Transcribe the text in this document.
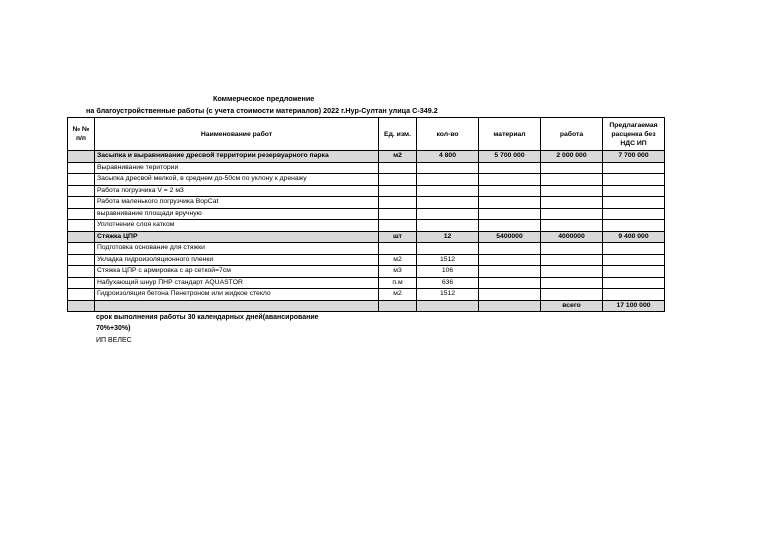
Коммерческое предложение
на благоустройственные работы (с учета стоимости материалов) 2022 г.Нур-Султан улица С-349.2
№ № п/п	Наименование работ	Ед. изм.	кол-во	материал	работа	Предлагаемая расценка без НДС ИП
	Засыпка и выравнивание дресвой территории резервуарного парка	м2	4 800	5 700 000	2 000 000	7 700 000
	Выравнивание територии					
	Засыпка дресвой мелкой, в среднем до-50см по уклону к дренажу					
	Работа погрузчика V = 2 м3					
	Работа маленького погрузчика BopCat					
	выравнивание площади вручную					
	Уплотнение слоя катком					
	Стяжка ЦПР	шт	12	5400000	4000000	9 400 000
	Подготовка основание для стяжки					
	Укладка гидроизоляционного пленки	м2	1512			
	Стяжка ЦПР с армировка с ар сеткой=7см	м3	106			
	Набухающий шнур ПНР стандарт AQUASTOR	п.м	636			
	Гидроизоляция бетона Пенетроном или жидкое стекло	м2	1512			
					всего	17 100 000
срок выполнения работы 30 календарных дней(авансирование
70%+30%)
ИП ВЕЛЕС
